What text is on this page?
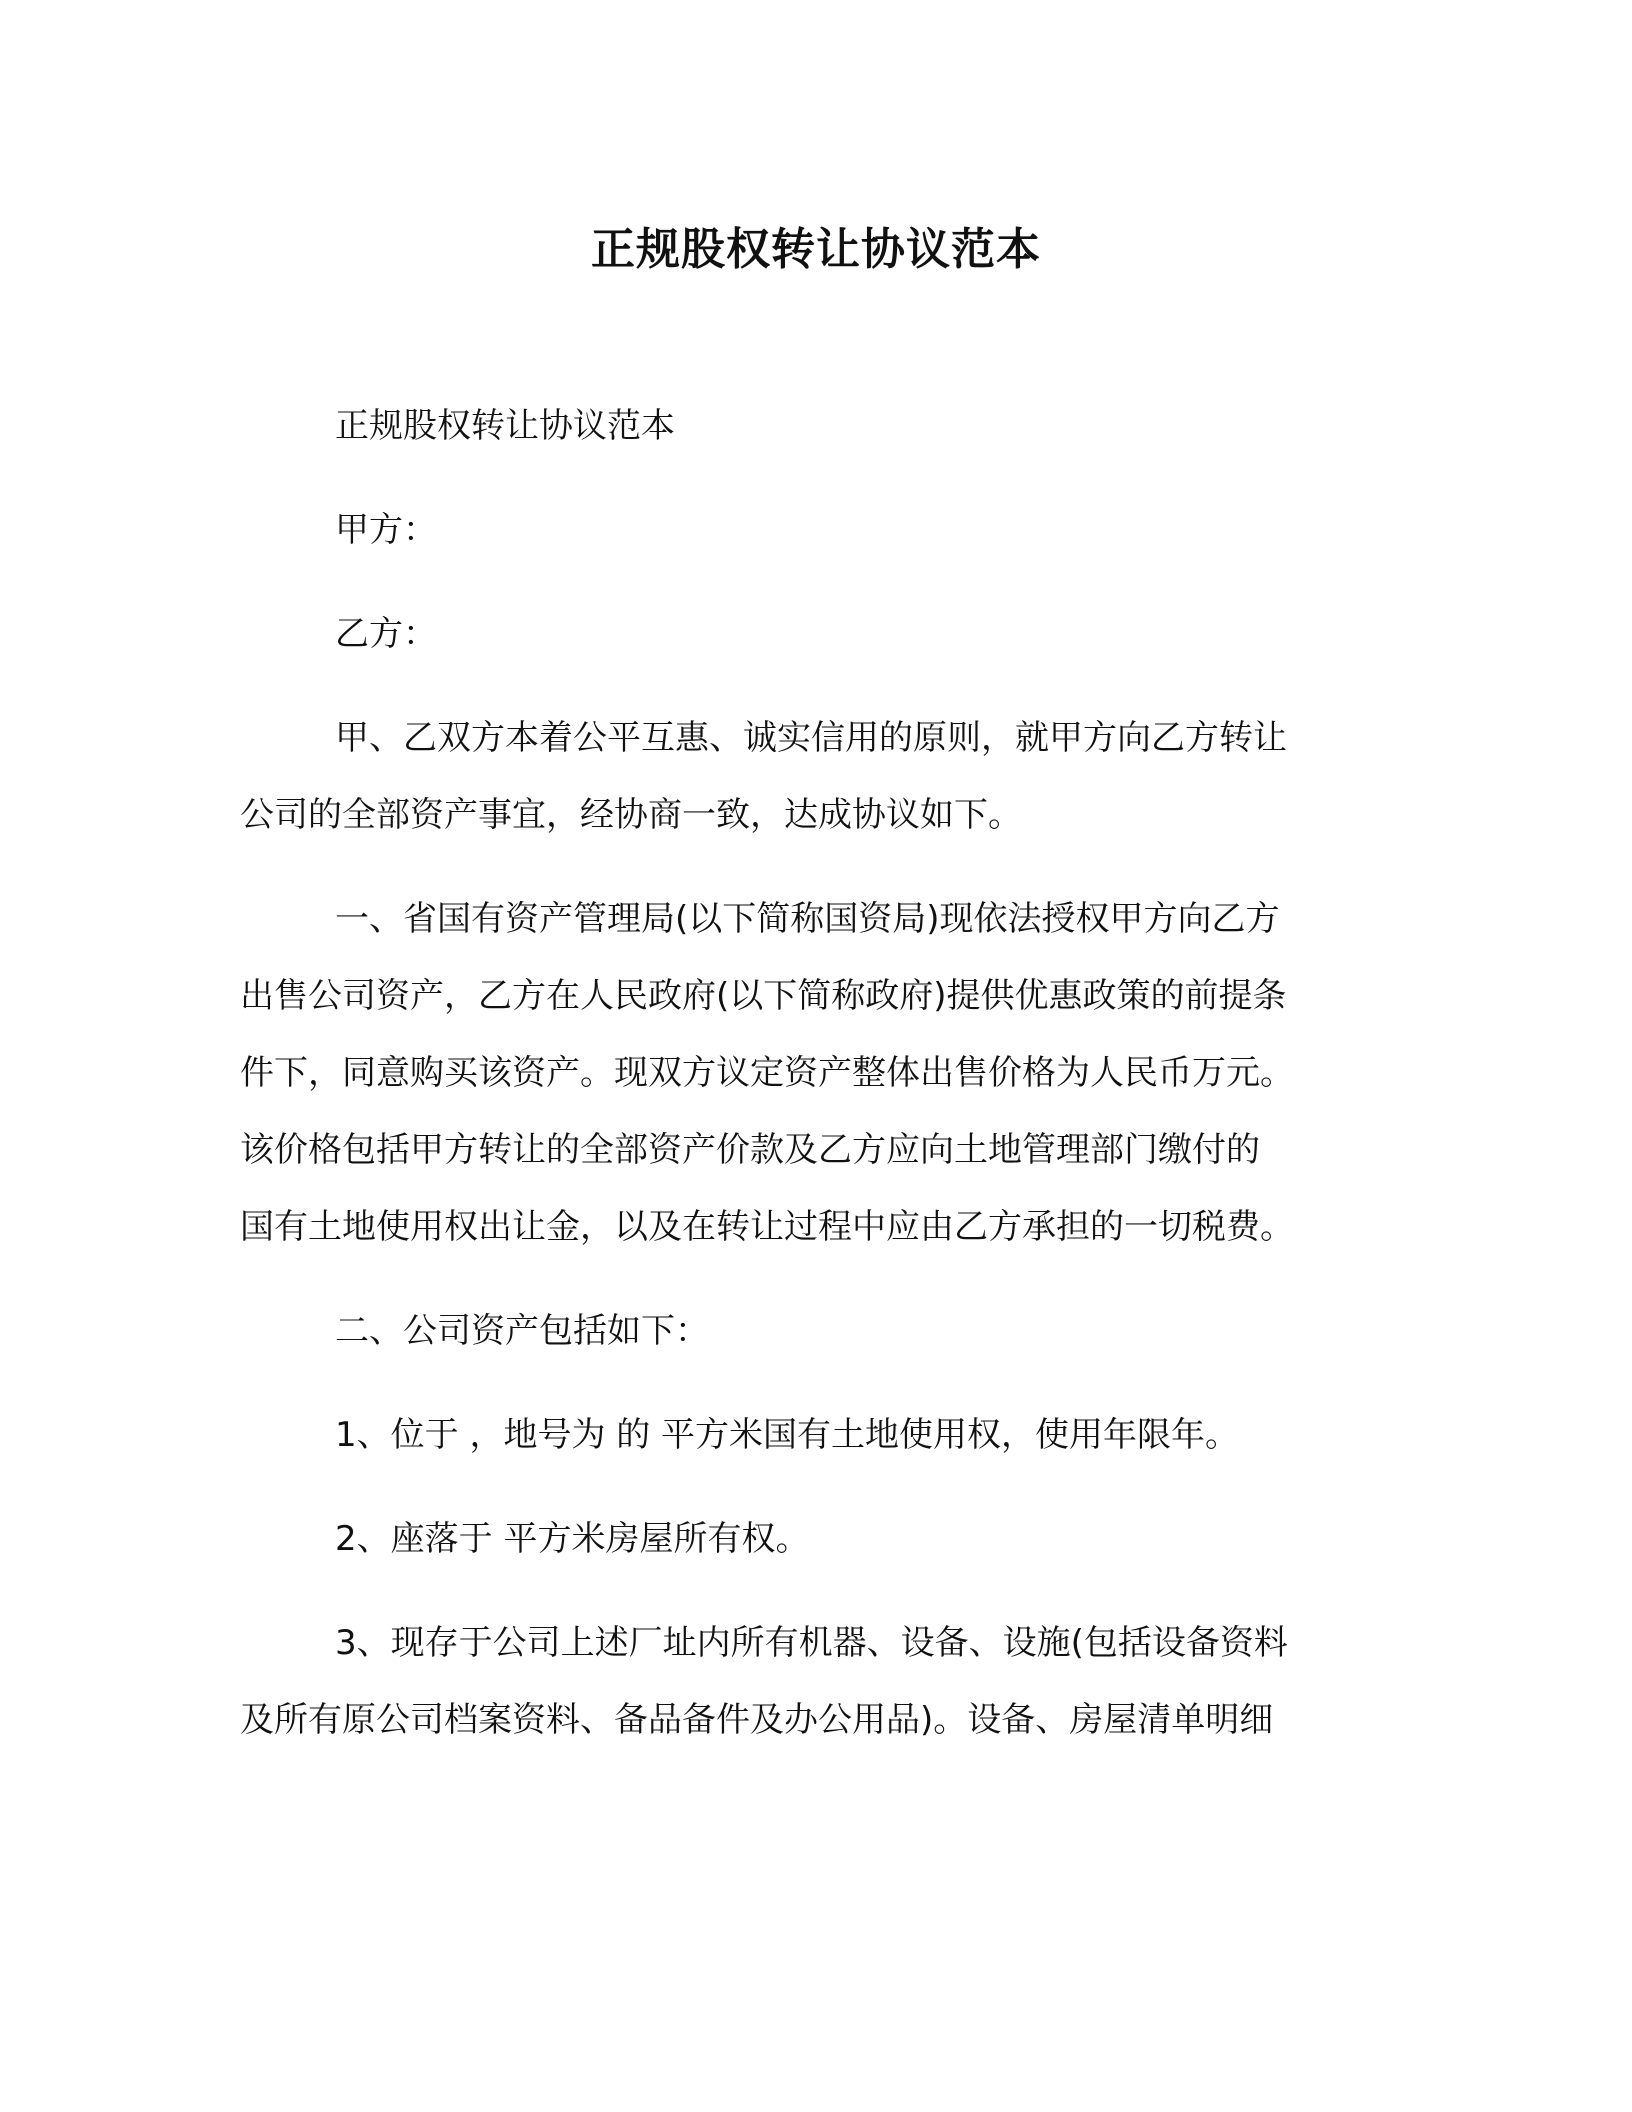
正规股权转让协议范本
正规股权转让协议范本
甲方：
乙方：
甲、乙双方本着公平互惠、诚实信用的原则，就甲方向乙方转让
公司的全部资产事宜，经协商一致，达成协议如下。
一、省国有资产管理局(以下简称国资局)现依法授权甲方向乙方
出售公司资产，乙方在人民政府(以下简称政府)提供优惠政策的前提条
件下，同意购买该资产。现双方议定资产整体出售价格为人民币万元。
该价格包括甲方转让的全部资产价款及乙方应向土地管理部门缴付的
国有土地使用权出让金，以及在转让过程中应由乙方承担的一切税费。
二、公司资产包括如下：
1、位于 ，地号为 的 平方米国有土地使用权，使用年限年。
2、座落于 平方米房屋所有权。
3、现存于公司上述厂址内所有机器、设备、设施(包括设备资料
及所有原公司档案资料、备品备件及办公用品)。设备、房屋清单明细
